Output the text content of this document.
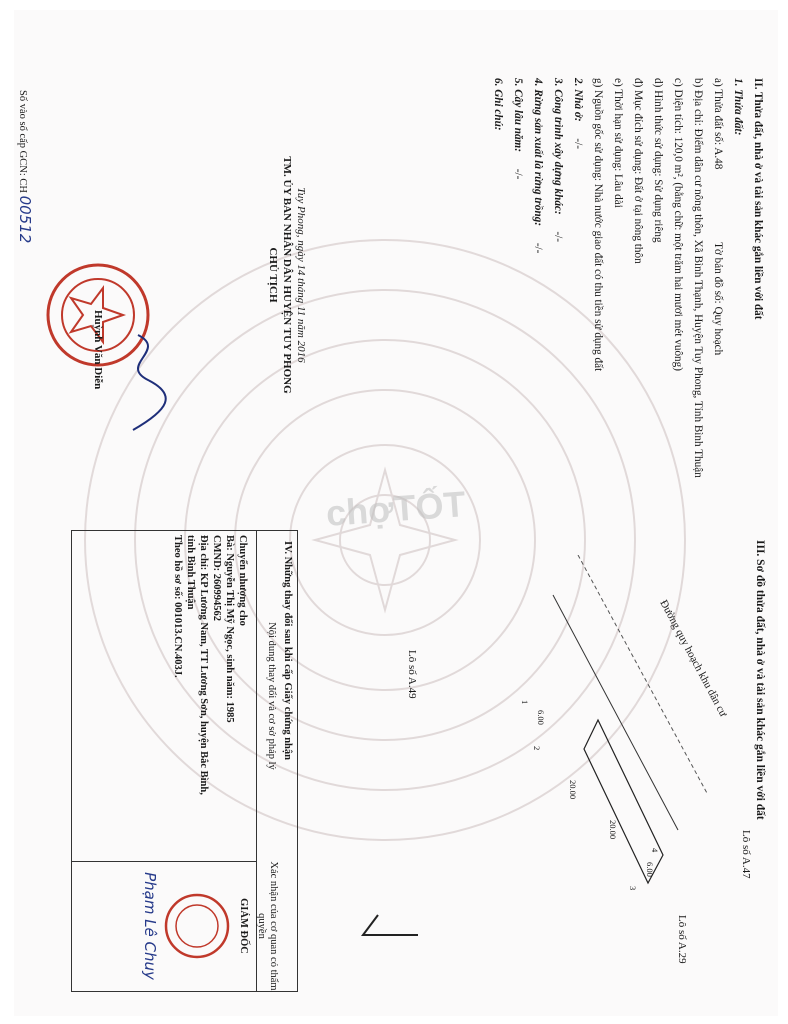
chợTỐT
II. Thửa đất, nhà ở và tài sản khác gắn liền với đất
1. Thửa đất:
a) Thửa đất số: A.48 Tờ bản đồ số: Quy hoạch
b) Địa chỉ: Điểm dân cư nông thôn, Xã Bình Thạnh, Huyện Tuy Phong, Tỉnh Bình Thuận
c) Diện tích: 120,0 m², (bằng chữ: một trăm hai mươi mét vuông)
d) Hình thức sử dụng: Sử dụng riêng
đ) Mục đích sử dụng: Đất ở tại nông thôn
e) Thời hạn sử dụng: Lâu dài
g) Nguồn gốc sử dụng: Nhà nước giao đất có thu tiền sử dụng đất
2. Nhà ở: -/-
3. Công trình xây dựng khác: -/-
4. Rừng sản xuất là rừng trồng: -/-
5. Cây lâu năm: -/-
6. Ghi chú:
Tuy Phong, ngày 14 tháng 11 năm 2016
TM. ỦY BAN NHÂN DÂN HUYỆN TUY PHONG
CHỦ TỊCH
Huỳnh Văn Diễn
Số vào sổ cấp GCN: CH 00512
III. Sơ đồ thửa đất, nhà ở và tài sản khác gắn liền với đất
Đường quy hoạch khu dân cư
Lô số A.49
Lô số A.47
Lô số A.29
6.00
20.00
20.00
6.00
1
2
3
4
IV. Những thay đổi sau khi cấp Giấy chứng nhận
Nội dung thay đổi và cơ sở pháp lý
Xác nhận của cơ quan có thẩm quyền
Chuyển nhượng cho
Bà: Nguyễn Thị Mỹ Ngọc, sinh năm: 1985
CMND: 260994562
Địa chỉ: KP Lương Nam, TT Lương Sơn, huyện Bắc Bình,
tỉnh Bình Thuận
Theo hồ sơ số: 001013.CN.403J.
GIÁM ĐỐC
Phạm Lê Chuy
